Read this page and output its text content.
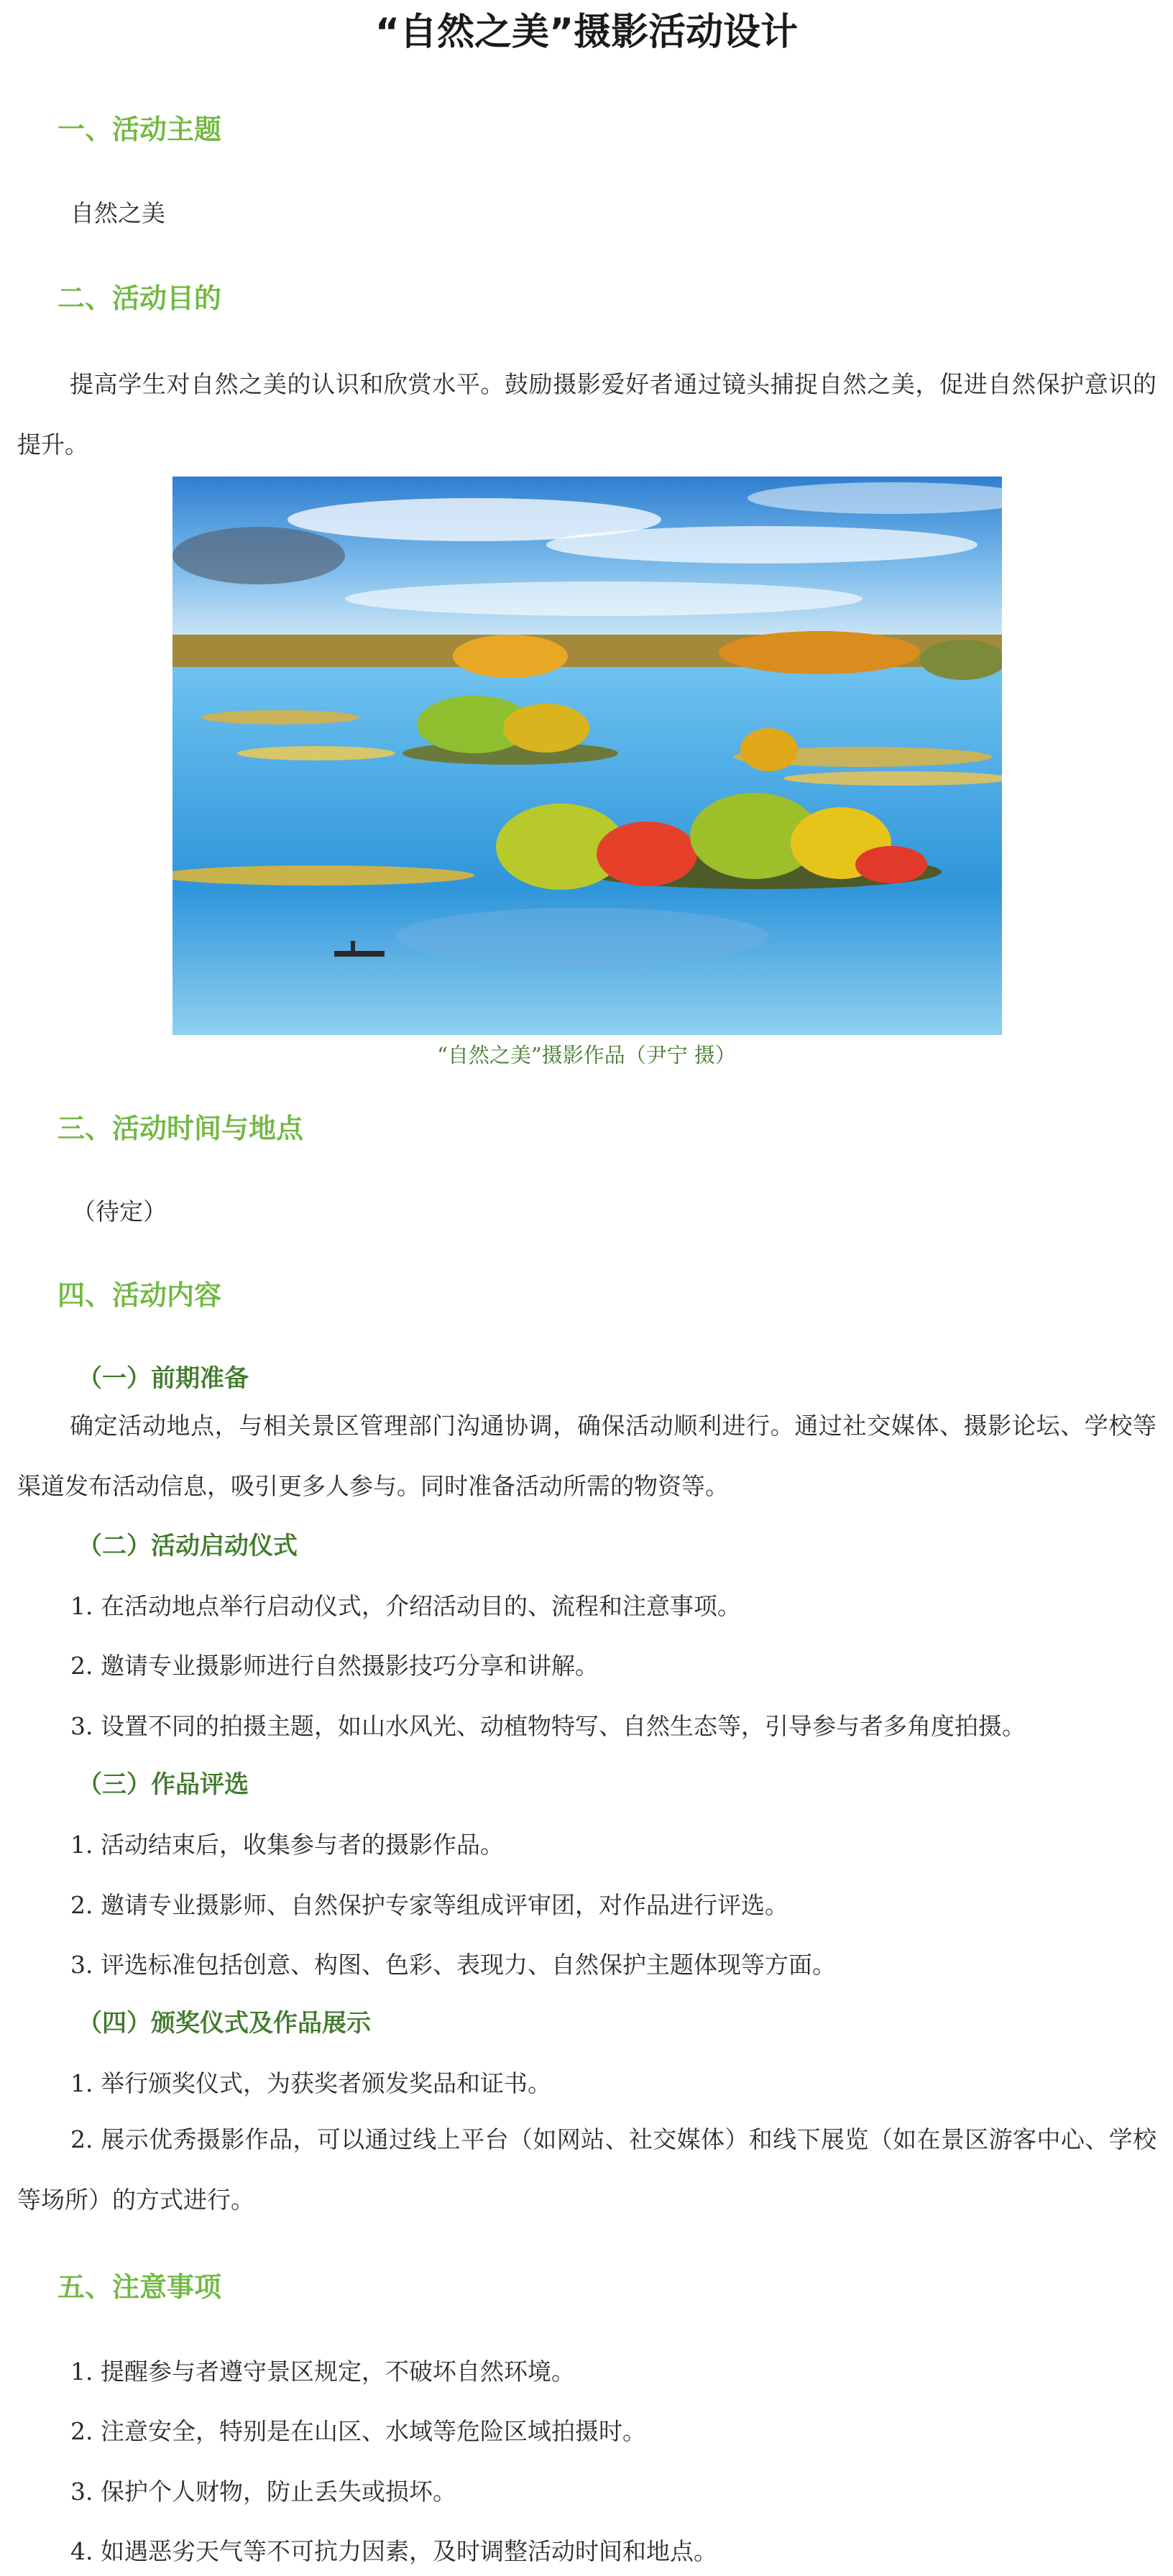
“自然之美”摄影活动设计
一、活动主题
自然之美
二、活动目的

提高学生对自然之美的认识和欣赏水平。鼓励摄影爱好者通过镜头捕捉自然之美，促进自然保护意识的提升。

“自然之美”摄影作品（尹宁 摄）
三、活动时间与地点
（待定）
四、活动内容
（一）前期准备

确定活动地点，与相关景区管理部门沟通协调，确保活动顺利进行。通过社交媒体、摄影论坛、学校等渠道发布活动信息，吸引更多人参与。同时准备活动所需的物资等。

（二）活动启动仪式
1. 在活动地点举行启动仪式，介绍活动目的、流程和注意事项。
2. 邀请专业摄影师进行自然摄影技巧分享和讲解。
3. 设置不同的拍摄主题，如山水风光、动植物特写、自然生态等，引导参与者多角度拍摄。
（三）作品评选
1. 活动结束后，收集参与者的摄影作品。
2. 邀请专业摄影师、自然保护专家等组成评审团，对作品进行评选。
3. 评选标准包括创意、构图、色彩、表现力、自然保护主题体现等方面。
（四）颁奖仪式及作品展示
1. 举行颁奖仪式，为获奖者颁发奖品和证书。

2. 展示优秀摄影作品，可以通过线上平台（如网站、社交媒体）和线下展览（如在景区游客中心、学校等场所）的方式进行。

五、注意事项
1. 提醒参与者遵守景区规定，不破坏自然环境。
2. 注意安全，特别是在山区、水域等危险区域拍摄时。
3. 保护个人财物，防止丢失或损坏。
4. 如遇恶劣天气等不可抗力因素，及时调整活动时间和地点。
